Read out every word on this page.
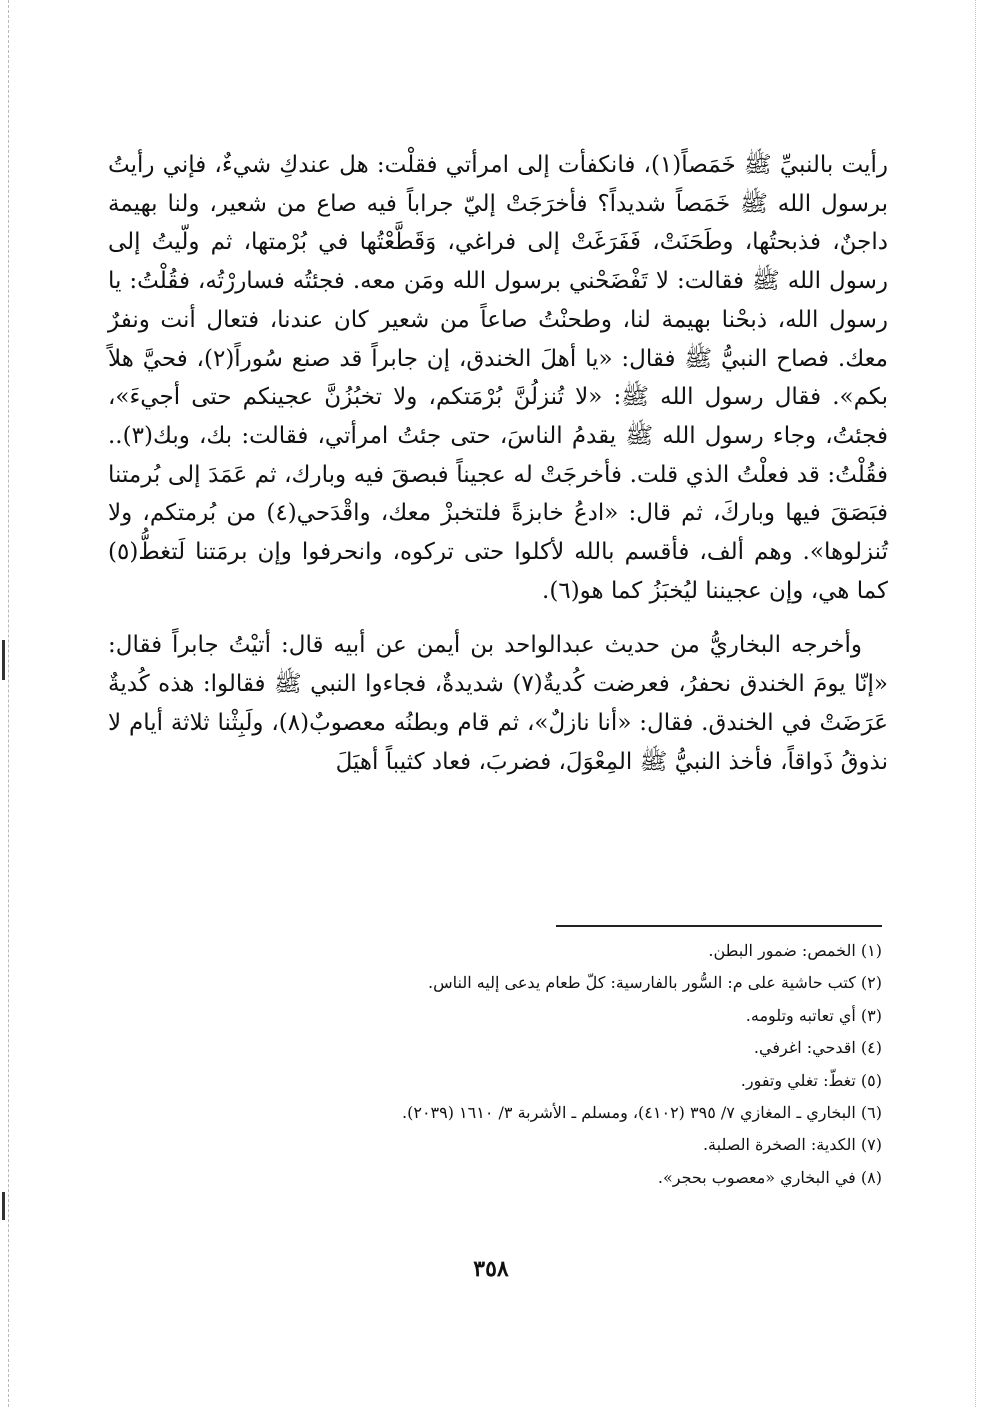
رأيت بالنبيِّ ﷺ خَمَصاً(١)، فانكفأت إلى امرأتي فقلْت: هل عندكِ شيءٌ، فإني رأيتُ برسول الله ﷺ خَمَصاً شديداً؟ فأخرَجَتْ إليّ جراباً فيه صاع من شعير، ولنا بهيمة داجنٌ، فذبحتُها، وطَحَنَتْ، فَفَرَغَتْ إلى فراغي، وَقَطَّعْتُها في بُرْمتها، ثم ولّيتُ إلى رسول الله ﷺ فقالت: لا تَفْضَحْني برسول الله ومَن معه. فجئتُه فساررْتُه، فقُلْتُ: يا رسول الله، ذبحْنا بهيمة لنا، وطحنْتُ صاعاً من شعير كان عندنا، فتعال أنت ونفرٌ معك. فصاح النبيُّ ﷺ فقال: «يا أهلَ الخندق، إن جابراً قد صنع سُوراً(٢)، فحيَّ هلاً بكم». فقال رسول الله ﷺ: «لا تُنزلُنَّ بُرْمَتكم، ولا تخبُزُنَّ عجينكم حتى أجيءَ»، فجئتُ، وجاء رسول الله ﷺ يقدمُ الناسَ، حتى جئتُ امرأتي، فقالت: بك، وبك(٣).. فقُلْتُ: قد فعلْتُ الذي قلت. فأخرجَتْ له عجيناً فبصقَ فيه وبارك، ثم عَمَدَ إلى بُرمتنا فبَصَقَ فيها وباركَ، ثم قال: «ادعُ خابزةً فلتخبزْ معك، واقْدَحي(٤) من بُرمتكم، ولا تُنزلوها». وهم ألف، فأقسم بالله لأكلوا حتى تركوه، وانحرفوا وإن برمَتنا لَتغطُّ(٥) كما هي، وإن عجيننا ليُخبَزُ كما هو(٦).

وأخرجه البخاريُّ من حديث عبدالواحد بن أيمن عن أبيه قال: أتيْتُ جابراً فقال: «إنّا يومَ الخندق نحفرُ، فعرضت كُديةٌ(٧) شديدةٌ، فجاءوا النبي ﷺ فقالوا: هذه كُديةٌ عَرَضَتْ في الخندق. فقال: «أنا نازلٌ»، ثم قام وبطنُه معصوبٌ(٨)، ولَبِثْنا ثلاثة أيام لا نذوقُ ذَواقاً، فأخذ النبيُّ ﷺ المِعْوَلَ، فضربَ، فعاد كثيباً أهيَلَ

(١) الخمص: ضمور البطن.
(٢) كتب حاشية على م: السُّور بالفارسية: كلّ طعام يدعى إليه الناس.
(٣) أي تعاتبه وتلومه.
(٤) اقدحي: اغرفي.
(٥) تغطّ: تغلي وتفور.
(٦) البخاري ـ المغازي ٧/ ٣٩٥ (٤١٠٢)، ومسلم ـ الأشربة ٣/ ١٦١٠ (٢٠٣٩).
(٧) الكدية: الصخرة الصلبة.
(٨) في البخاري «معصوب بحجر».
٣٥٨
